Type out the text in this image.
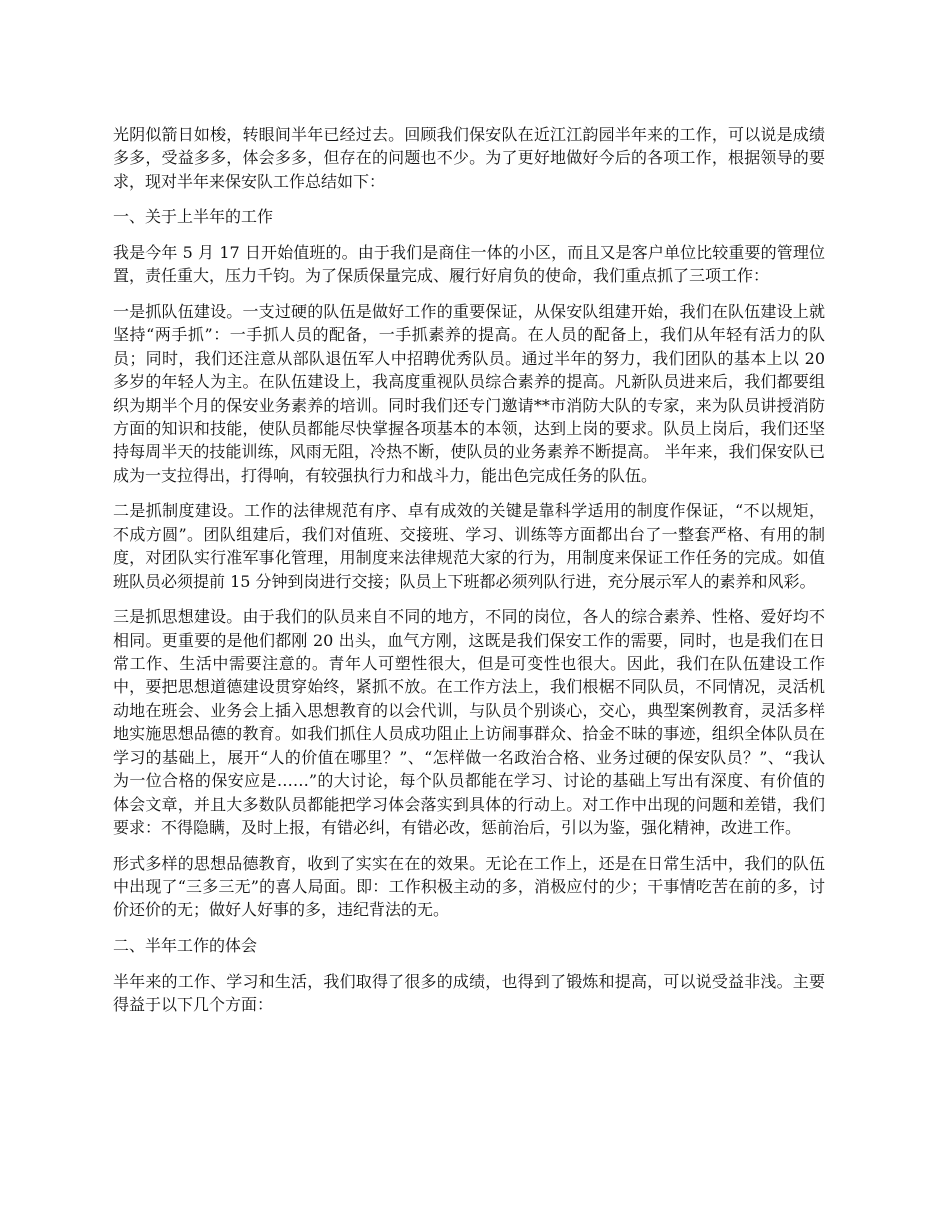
光阴似箭日如梭，转眼间半年已经过去。回顾我们保安队在近江江韵园半年来的工作，可以说是成绩多多，受益多多，体会多多，但存在的问题也不少。为了更好地做好今后的各项工作，根据领导的要求，现对半年来保安队工作总结如下：

一、关于上半年的工作

我是今年 5 月 17 日开始值班的。由于我们是商住一体的小区，而且又是客户单位比较重要的管理位置，责任重大，压力千钧。为了保质保量完成、履行好肩负的使命，我们重点抓了三项工作：

一是抓队伍建设。一支过硬的队伍是做好工作的重要保证，从保安队组建开始，我们在队伍建设上就坚持“两手抓”：一手抓人员的配备，一手抓素养的提高。在人员的配备上，我们从年轻有活力的队员；同时，我们还注意从部队退伍军人中招聘优秀队员。通过半年的努力，我们团队的基本上以 20 多岁的年轻人为主。在队伍建设上，我高度重视队员综合素养的提高。凡新队员进来后，我们都要组织为期半个月的保安业务素养的培训。同时我们还专门邀请**市消防大队的专家，来为队员讲授消防方面的知识和技能，使队员都能尽快掌握各项基本的本领，达到上岗的要求。队员上岗后，我们还坚持每周半天的技能训练，风雨无阻，冷热不断，使队员的业务素养不断提高。 半年来，我们保安队已成为一支拉得出，打得响，有较强执行力和战斗力，能出色完成任务的队伍。

二是抓制度建设。工作的法律规范有序、卓有成效的关键是靠科学适用的制度作保证，“不以规矩，不成方圆”。团队组建后，我们对值班、交接班、学习、训练等方面都出台了一整套严格、有用的制度，对团队实行准军事化管理，用制度来法律规范大家的行为，用制度来保证工作任务的完成。如值班队员必须提前 15 分钟到岗进行交接；队员上下班都必须列队行进，充分展示军人的素养和风彩。

三是抓思想建设。由于我们的队员来自不同的地方，不同的岗位，各人的综合素养、性格、爱好均不相同。更重要的是他们都刚 20 出头，血气方刚，这既是我们保安工作的需要，同时，也是我们在日常工作、生活中需要注意的。青年人可塑性很大，但是可变性也很大。因此，我们在队伍建设工作中，要把思想道德建设贯穿始终，紧抓不放。在工作方法上，我们根椐不同队员，不同情况，灵活机动地在班会、业务会上插入思想教育的以会代训，与队员个别谈心，交心，典型案例教育，灵活多样地实施思想品德的教育。如我们抓住人员成功阻止上访闹事群众、拾金不昧的事迹，组织全体队员在学习的基础上，展开“人的价值在哪里？”、“怎样做一名政治合格、业务过硬的保安队员？”、“我认为一位合格的保安应是……”的大讨论，每个队员都能在学习、讨论的基础上写出有深度、有价值的体会文章，并且大多数队员都能把学习体会落实到具体的行动上。对工作中出现的问题和差错，我们要求：不得隐瞒，及时上报，有错必纠，有错必改，惩前治后，引以为鉴，强化精神，改进工作。

形式多样的思想品德教育，收到了实实在在的效果。无论在工作上，还是在日常生活中，我们的队伍中出现了“三多三无”的喜人局面。即：工作积极主动的多，消极应付的少；干事情吃苦在前的多，讨价还价的无；做好人好事的多，违纪背法的无。

二、半年工作的体会

半年来的工作、学习和生活，我们取得了很多的成绩，也得到了锻炼和提高，可以说受益非浅。主要得益于以下几个方面：
